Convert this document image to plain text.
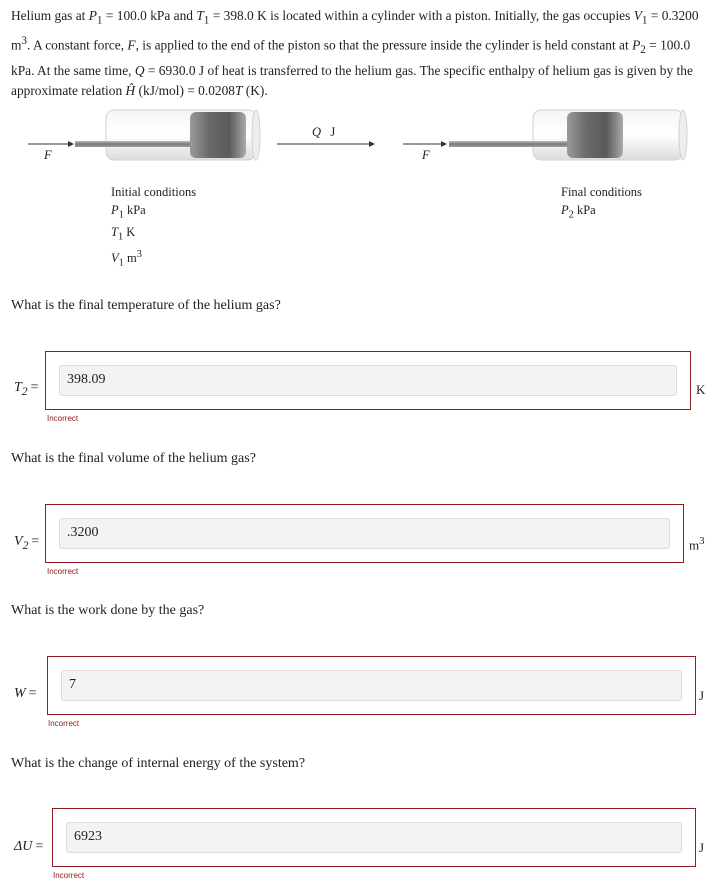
Helium gas at $P_1 = 100.0$ kPa and $T_1 = 398.0$ K is located within a cylinder with a piston. Initially, the gas occupies $V_1 = 0.3200$ $m^3$. A constant force, F, is applied to the end of the piston so that the pressure inside the cylinder is held constant at $P_2 = 100.0$ kPa. At the same time, Q = 6930.0 J of heat is transferred to the helium gas. The specific enthalpy of helium gas is given by the approximate relation Ĥ (kJ/mol) = 0.0208T (K).
F
Q J
F
Initial conditions
$P_1$ kPa
$T_1$ K
$V_1$ $m^3$
Final conditions
$P_2$ kPa
What is the final temperature of the helium gas?
$T_2$ =
398.09
Incorrect
K
What is the final volume of the helium gas?
$V_2$ =
.3200
Incorrect
$m^3$
What is the work done by the gas?
W =
7
Incorrect
J
What is the change of internal energy of the system?
ΔU =
6923
Incorrect
J
